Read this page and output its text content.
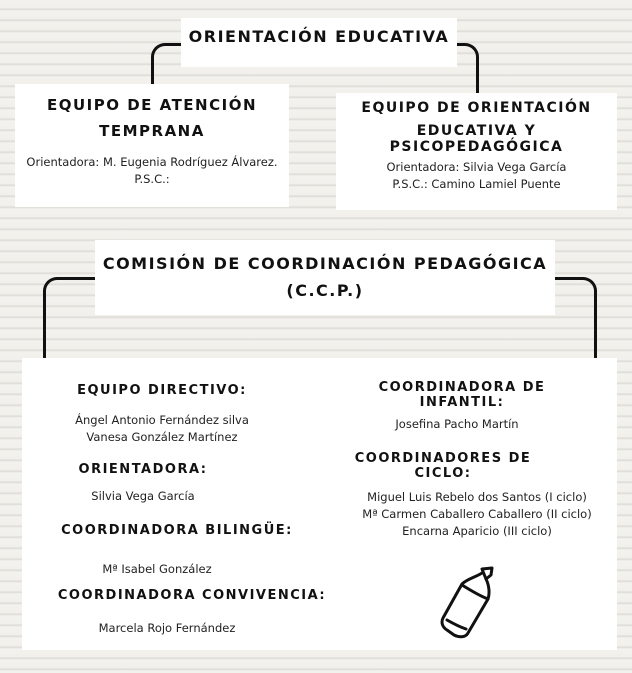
ORIENTACIÓN EDUCATIVA
EQUIPO DE ATENCIÓN
TEMPRANA
Orientadora: M. Eugenia Rodríguez Álvarez.
P.S.C.:
EQUIPO DE ORIENTACIÓN
EDUCATIVA Y PSICOPEDAGÓGICA
Orientadora: Silvia Vega García
P.S.C.: Camino Lamiel Puente
COMISIÓN DE COORDINACIÓN PEDAGÓGICA
(C.C.P.)
EQUIPO DIRECTIVO:
Ángel Antonio Fernández silva
Vanesa González Martínez
ORIENTADORA:
Silvia Vega García
COORDINADORA BILINGÜE:
Mª Isabel González
COORDINADORA CONVIVENCIA:
Marcela Rojo Fernández
COORDINADORA DE INFANTIL:
Josefina Pacho Martín
COORDINADORES DE CICLO:
Miguel Luis Rebelo dos Santos (I ciclo)
Mª Carmen Caballero Caballero (II ciclo)
Encarna Aparicio (III ciclo)
